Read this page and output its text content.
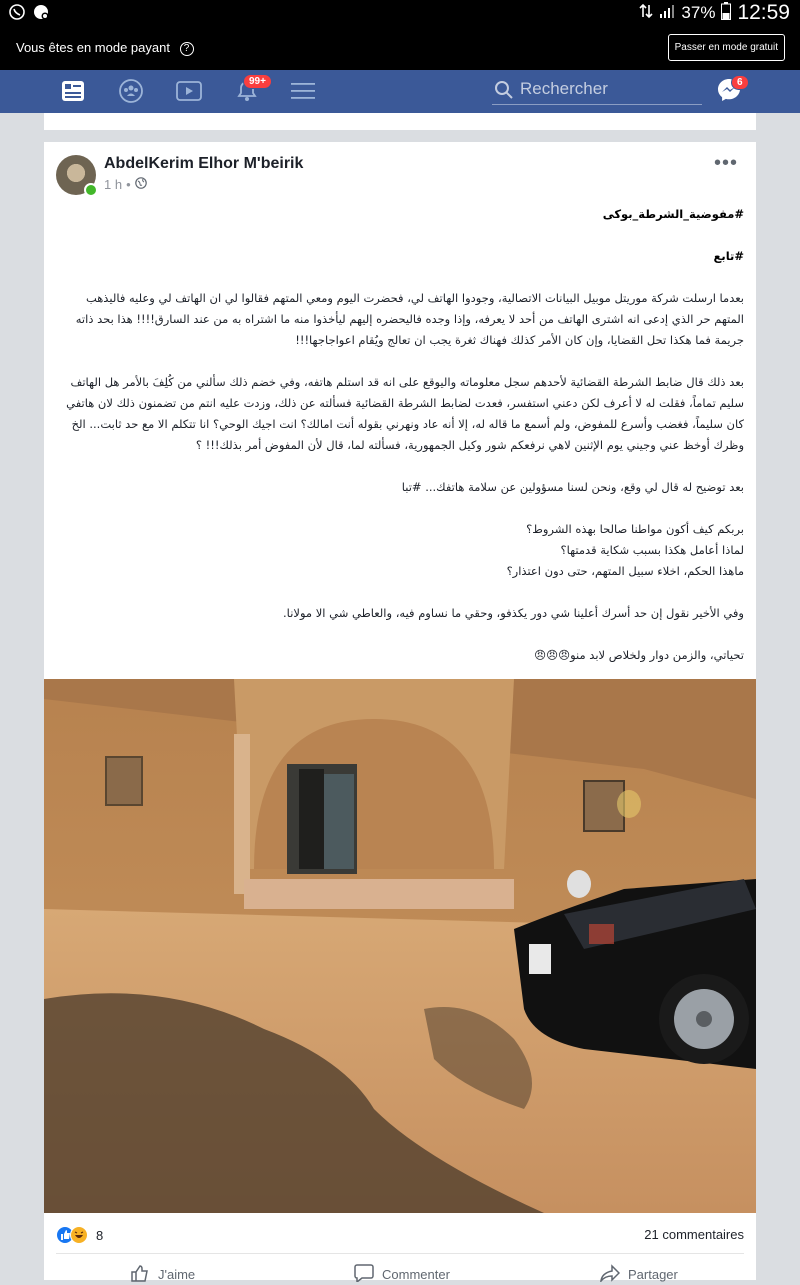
37% 12:59
Vous êtes en mode payant ?	Passer en mode gratuit
99+	Rechercher	6
AbdelKerim Elhor M'beirik
1 h •
•••

#مفوضية_الشرطة_بوكى

#تابع

بعدما ارسلت شركة موريتل موبيل البيانات الاتصالية، وجودوا الهاتف لي، فحضرت اليوم ومعي المتهم فقالوا لي ان الهاتف لي وعليه فاليذهب المتهم حر الذي إدعى انه اشترى الهاتف من أحد لا يعرفه، وإذا وجده فاليحضره إليهم ليأخذوا منه ما اشتراه به من عند السارق!!!! هذا بحد ذاته جريمة فما هكذا تحل القضايا، وإن كان الأمر كذلك فهناك ثغرة يجب ان تعالج ويُقام اعواجاجها!!!

بعد ذلك قال ضابط الشرطة القضائية لأحدهم سجل معلوماته واليوقع على انه قد استلم هاتفه، وفي خضم ذلك سألني من كُلِفَ بالأمر هل الهاتف سليم تماماً، فقلت له لا أعرف لكن دعني استفسر، فعدت لضابط الشرطة القضائية فسألته عن ذلك، وزدت عليه انتم من تضمنون ذلك لان هاتفي كان سليماً، فغضب وأسرع للمفوض، ولم أسمع ما قاله له، إلا أنه عاد ونهرني بقوله أنت امالك؟ انت اجيك الوحي؟ انا تتكلم الا مع حد ثابت... الخ وظرك أوخظ عني وجيني يوم الإثنين لاهي نرفعكم شور وكيل الجمهورية، فسألته لما، قال لأن المفوض أمر بذلك!!! ؟

بعد توضيح له قال لي وقع، ونحن لسنا مسؤولين عن سلامة هاتفك... #تبا

بربكم كيف أكون مواطنا صالحا بهذه الشروط؟

لماذا أعامل هكذا بسبب شكاية قدمتها؟

ماهذا الحكم، اخلاء سبيل المتهم، حتى دون اعتذار؟

وفي الأخير نقول إن حد أسرك أعلينا شي دور يكذفو، وحقي ما نساوم فيه، والعاطي شي الا مولانا.

تحياتي، والزمن دوار ولخلاص لابد منو😠😠😠

8	21 commentaires
J'aime	Commenter	Partager
